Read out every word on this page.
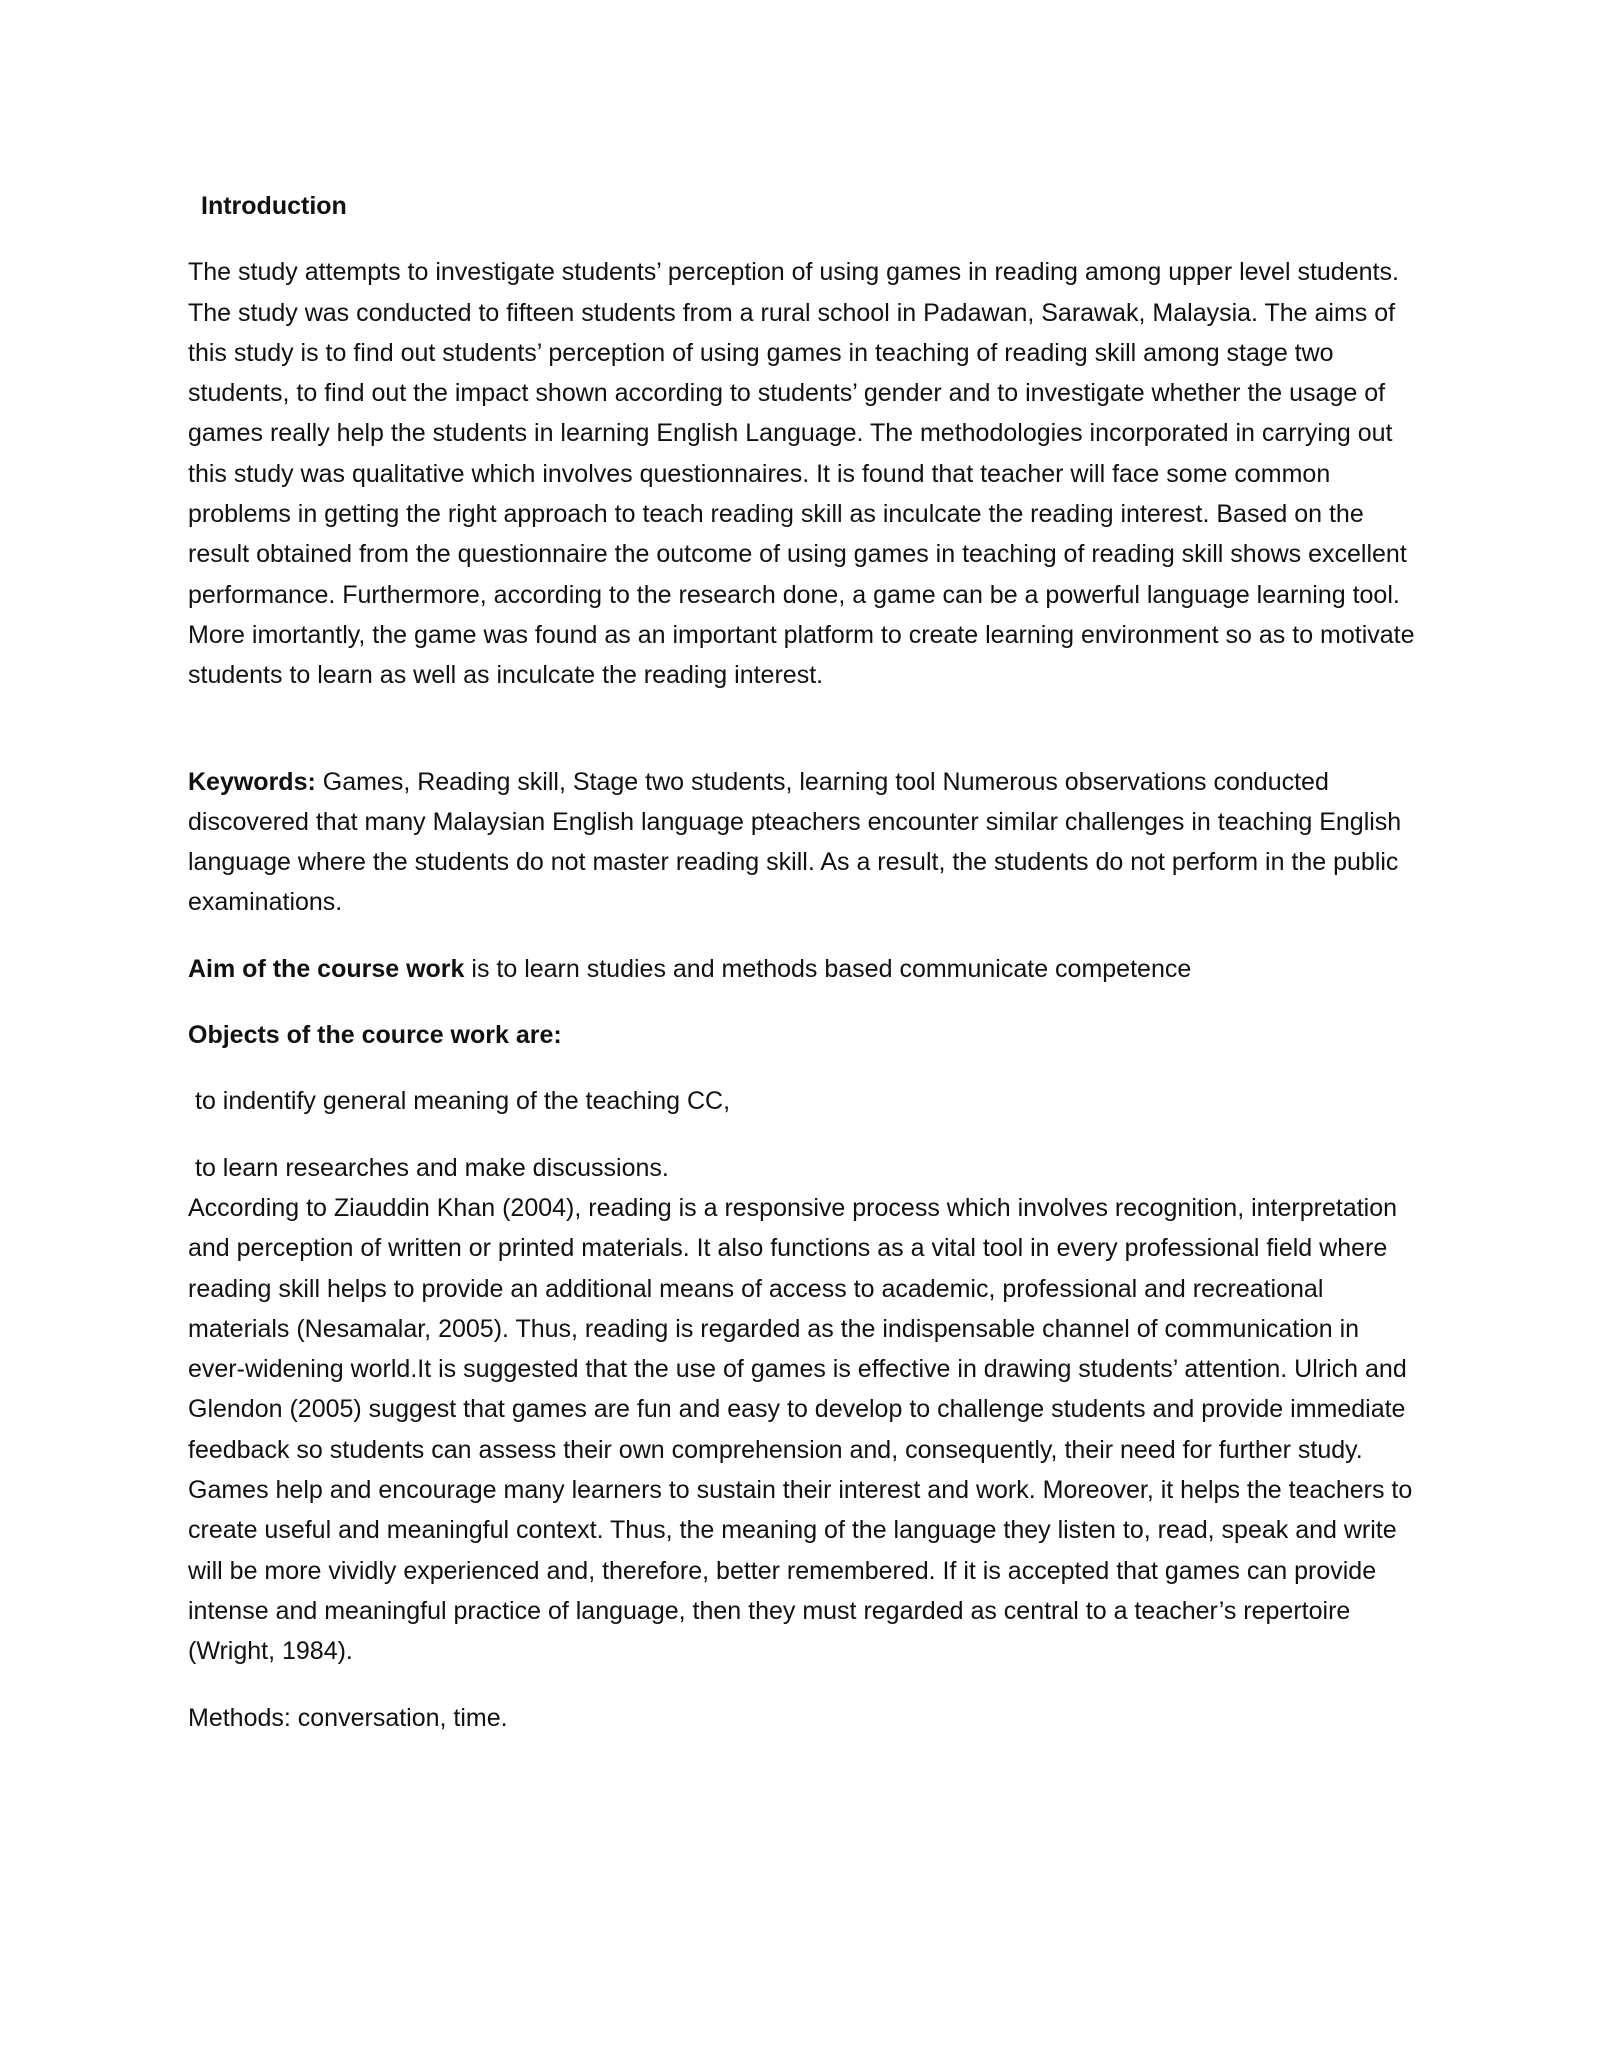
Introduction

The study attempts to investigate students’ perception of using games in reading among upper level students. The study was conducted to fifteen students from a rural school in Padawan, Sarawak, Malaysia. The aims of this study is to find out students’ perception of using games in teaching of reading skill among stage two students, to find out the impact shown according to students’ gender and to investigate whether the usage of games really help the students in learning English Language. The methodologies incorporated in carrying out this study was qualitative which involves questionnaires. It is found that teacher will face some common problems in getting the right approach to teach reading skill as inculcate the reading interest. Based on the result obtained from the questionnaire the outcome of using games in teaching of reading skill shows excellent performance. Furthermore, according to the research done, a game can be a powerful language learning tool. More imortantly, the game was found as an important platform to create learning environment so as to motivate students to learn as well as inculcate the reading interest.

Keywords: Games, Reading skill, Stage two students, learning tool Numerous observations conducted discovered that many Malaysian English language pteachers encounter similar challenges in teaching English language where the students do not master reading skill. As a result, the students do not perform in the public examinations.

Aim of the course work is to learn studies and methods based communicate competence

Objects of the cource work are:

to indentify general meaning of the teaching CC,

to learn researches and make discussions.

According to Ziauddin Khan (2004), reading is a responsive process which involves recognition, interpretation and perception of written or printed materials. It also functions as a vital tool in every professional field where reading skill helps to provide an additional means of access to academic, professional and recreational materials (Nesamalar, 2005). Thus, reading is regarded as the indispensable channel of communication in ever-widening world.It is suggested that the use of games is effective in drawing students’ attention. Ulrich and Glendon (2005) suggest that games are fun and easy to develop to challenge students and provide immediate feedback so students can assess their own comprehension and, consequently, their need for further study. Games help and encourage many learners to sustain their interest and work. Moreover, it helps the teachers to create useful and meaningful context. Thus, the meaning of the language they listen to, read, speak and write will be more vividly experienced and, therefore, better remembered. If it is accepted that games can provide intense and meaningful practice of language, then they must regarded as central to a teacher’s repertoire (Wright, 1984).

Methods: conversation, time.
